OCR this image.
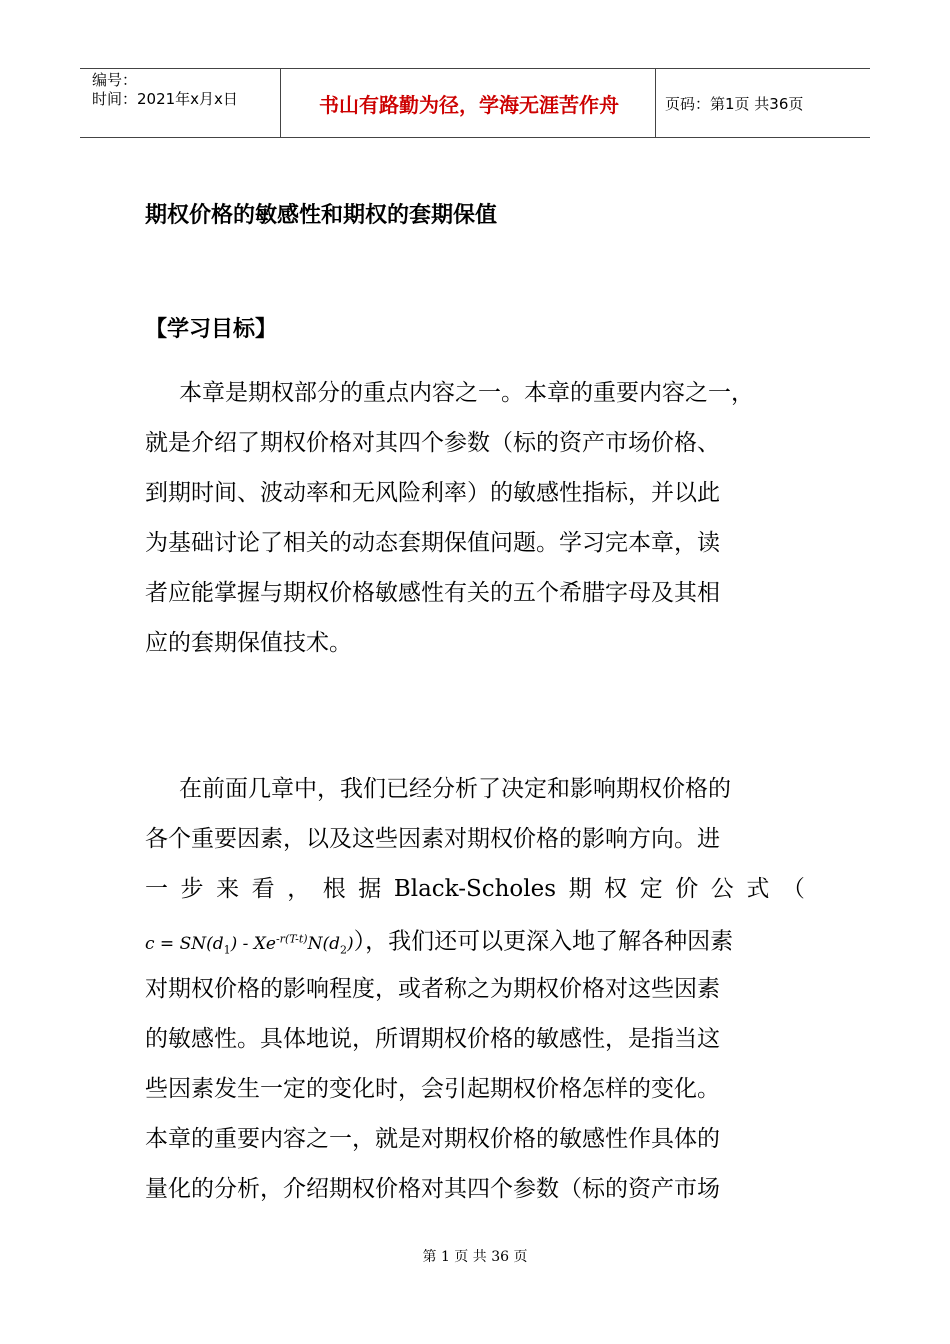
编号：
时间：2021年x月x日	书山有路勤为径，学海无涯苦作舟	页码：第1页 共36页
期权价格的敏感性和期权的套期保值
【学习目标】
本章是期权部分的重点内容之一。本章的重要内容之一，
就是介绍了期权价格对其四个参数（标的资产市场价格、
到期时间、波动率和无风险利率）的敏感性指标，并以此
为基础讨论了相关的动态套期保值问题。学习完本章，读
者应能掌握与期权价格敏感性有关的五个希腊字母及其相
应的套期保值技术。
在前面几章中，我们已经分析了决定和影响期权价格的
各个重要因素，以及这些因素对期权价格的影响方向。进
一 步 来 看 ， 根 据 Black-Scholes 期 权 定 价 公 式 （
$c = SN(d_1) - Xe^{-r(T-t)}N(d_2)$），我们还可以更深入地了解各种因素
对期权价格的影响程度，或者称之为期权价格对这些因素
的敏感性。具体地说，所谓期权价格的敏感性，是指当这
些因素发生一定的变化时，会引起期权价格怎样的变化。
本章的重要内容之一，就是对期权价格的敏感性作具体的
量化的分析，介绍期权价格对其四个参数（标的资产市场
第 1 页 共 36 页
